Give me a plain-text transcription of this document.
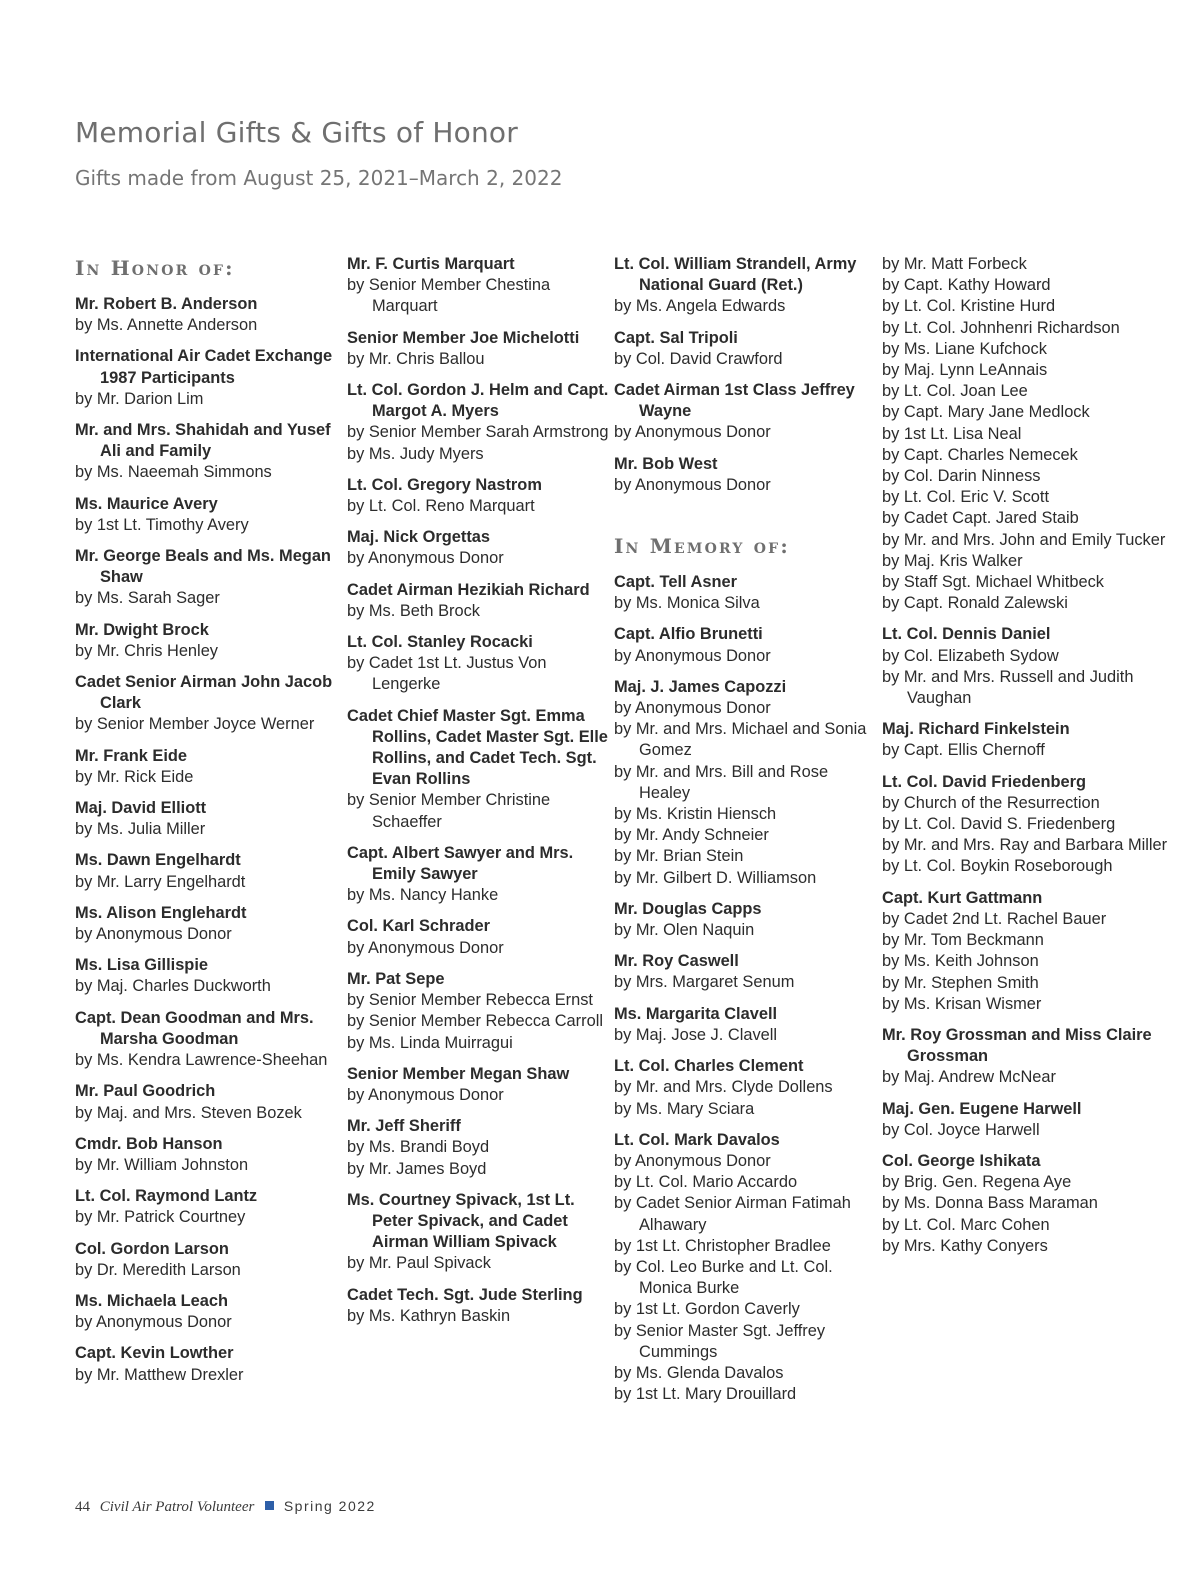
Memorial Gifts & Gifts of Honor
Gifts made from August 25, 2021–March 2, 2022
In Honor of:
Mr. Robert B. Anderson
by Ms. Annette Anderson
International Air Cadet Exchange 1987 Participants
by Mr. Darion Lim
Mr. and Mrs. Shahidah and Yusef Ali and Family
by Ms. Naeemah Simmons
Ms. Maurice Avery
by 1st Lt. Timothy Avery
Mr. George Beals and Ms. Megan Shaw
by Ms. Sarah Sager
Mr. Dwight Brock
by Mr. Chris Henley
Cadet Senior Airman John Jacob Clark
by Senior Member Joyce Werner
Mr. Frank Eide
by Mr. Rick Eide
Maj. David Elliott
by Ms. Julia Miller
Ms. Dawn Engelhardt
by Mr. Larry Engelhardt
Ms. Alison Englehardt
by Anonymous Donor
Ms. Lisa Gillispie
by Maj. Charles Duckworth
Capt. Dean Goodman and Mrs. Marsha Goodman
by Ms. Kendra Lawrence-Sheehan
Mr. Paul Goodrich
by Maj. and Mrs. Steven Bozek
Cmdr. Bob Hanson
by Mr. William Johnston
Lt. Col. Raymond Lantz
by Mr. Patrick Courtney
Col. Gordon Larson
by Dr. Meredith Larson
Ms. Michaela Leach
by Anonymous Donor
Capt. Kevin Lowther
by Mr. Matthew Drexler
Mr. F. Curtis Marquart
by Senior Member Chestina Marquart
Senior Member Joe Michelotti
by Mr. Chris Ballou
Lt. Col. Gordon J. Helm and Capt. Margot A. Myers
by Senior Member Sarah Armstrong
by Ms. Judy Myers
Lt. Col. Gregory Nastrom
by Lt. Col. Reno Marquart
Maj. Nick Orgettas
by Anonymous Donor
Cadet Airman Hezikiah Richard
by Ms. Beth Brock
Lt. Col. Stanley Rocacki
by Cadet 1st Lt. Justus Von Lengerke
Cadet Chief Master Sgt. Emma Rollins, Cadet Master Sgt. Elle Rollins, and Cadet Tech. Sgt. Evan Rollins
by Senior Member Christine Schaeffer
Capt. Albert Sawyer and Mrs. Emily Sawyer
by Ms. Nancy Hanke
Col. Karl Schrader
by Anonymous Donor
Mr. Pat Sepe
by Senior Member Rebecca Ernst
by Senior Member Rebecca Carroll
by Ms. Linda Muirragui
Senior Member Megan Shaw
by Anonymous Donor
Mr. Jeff Sheriff
by Ms. Brandi Boyd
by Mr. James Boyd
Ms. Courtney Spivack, 1st Lt. Peter Spivack, and Cadet Airman William Spivack
by Mr. Paul Spivack
Cadet Tech. Sgt. Jude Sterling
by Ms. Kathryn Baskin
Lt. Col. William Strandell, Army National Guard (Ret.)
by Ms. Angela Edwards
Capt. Sal Tripoli
by Col. David Crawford
Cadet Airman 1st Class Jeffrey Wayne
by Anonymous Donor
Mr. Bob West
by Anonymous Donor
In Memory of:
Capt. Tell Asner
by Ms. Monica Silva
Capt. Alfio Brunetti
by Anonymous Donor
Maj. J. James Capozzi
by Anonymous Donor
by Mr. and Mrs. Michael and Sonia Gomez
by Mr. and Mrs. Bill and Rose Healey
by Ms. Kristin Hiensch
by Mr. Andy Schneier
by Mr. Brian Stein
by Mr. Gilbert D. Williamson
Mr. Douglas Capps
by Mr. Olen Naquin
Mr. Roy Caswell
by Mrs. Margaret Senum
Ms. Margarita Clavell
by Maj. Jose J. Clavell
Lt. Col. Charles Clement
by Mr. and Mrs. Clyde Dollens
by Ms. Mary Sciara
Lt. Col. Mark Davalos
by Anonymous Donor
by Lt. Col. Mario Accardo
by Cadet Senior Airman Fatimah Alhawary
by 1st Lt. Christopher Bradlee
by Col. Leo Burke and Lt. Col. Monica Burke
by 1st Lt. Gordon Caverly
by Senior Master Sgt. Jeffrey Cummings
by Ms. Glenda Davalos
by 1st Lt. Mary Drouillard
by Mr. Matt Forbeck
by Capt. Kathy Howard
by Lt. Col. Kristine Hurd
by Lt. Col. Johnhenri Richardson
by Ms. Liane Kufchock
by Maj. Lynn LeAnnais
by Lt. Col. Joan Lee
by Capt. Mary Jane Medlock
by 1st Lt. Lisa Neal
by Capt. Charles Nemecek
by Col. Darin Ninness
by Lt. Col. Eric V. Scott
by Cadet Capt. Jared Staib
by Mr. and Mrs. John and Emily Tucker
by Maj. Kris Walker
by Staff Sgt. Michael Whitbeck
by Capt. Ronald Zalewski
Lt. Col. Dennis Daniel
by Col. Elizabeth Sydow
by Mr. and Mrs. Russell and Judith Vaughan
Maj. Richard Finkelstein
by Capt. Ellis Chernoff
Lt. Col. David Friedenberg
by Church of the Resurrection
by Lt. Col. David S. Friedenberg
by Mr. and Mrs. Ray and Barbara Miller
by Lt. Col. Boykin Roseborough
Capt. Kurt Gattmann
by Cadet 2nd Lt. Rachel Bauer
by Mr. Tom Beckmann
by Ms. Keith Johnson
by Mr. Stephen Smith
by Ms. Krisan Wismer
Mr. Roy Grossman and Miss Claire Grossman
by Maj. Andrew McNear
Maj. Gen. Eugene Harwell
by Col. Joyce Harwell
Col. George Ishikata
by Brig. Gen. Regena Aye
by Ms. Donna Bass Maraman
by Lt. Col. Marc Cohen
by Mrs. Kathy Conyers
44 Civil Air Patrol Volunteer Spring 2022
